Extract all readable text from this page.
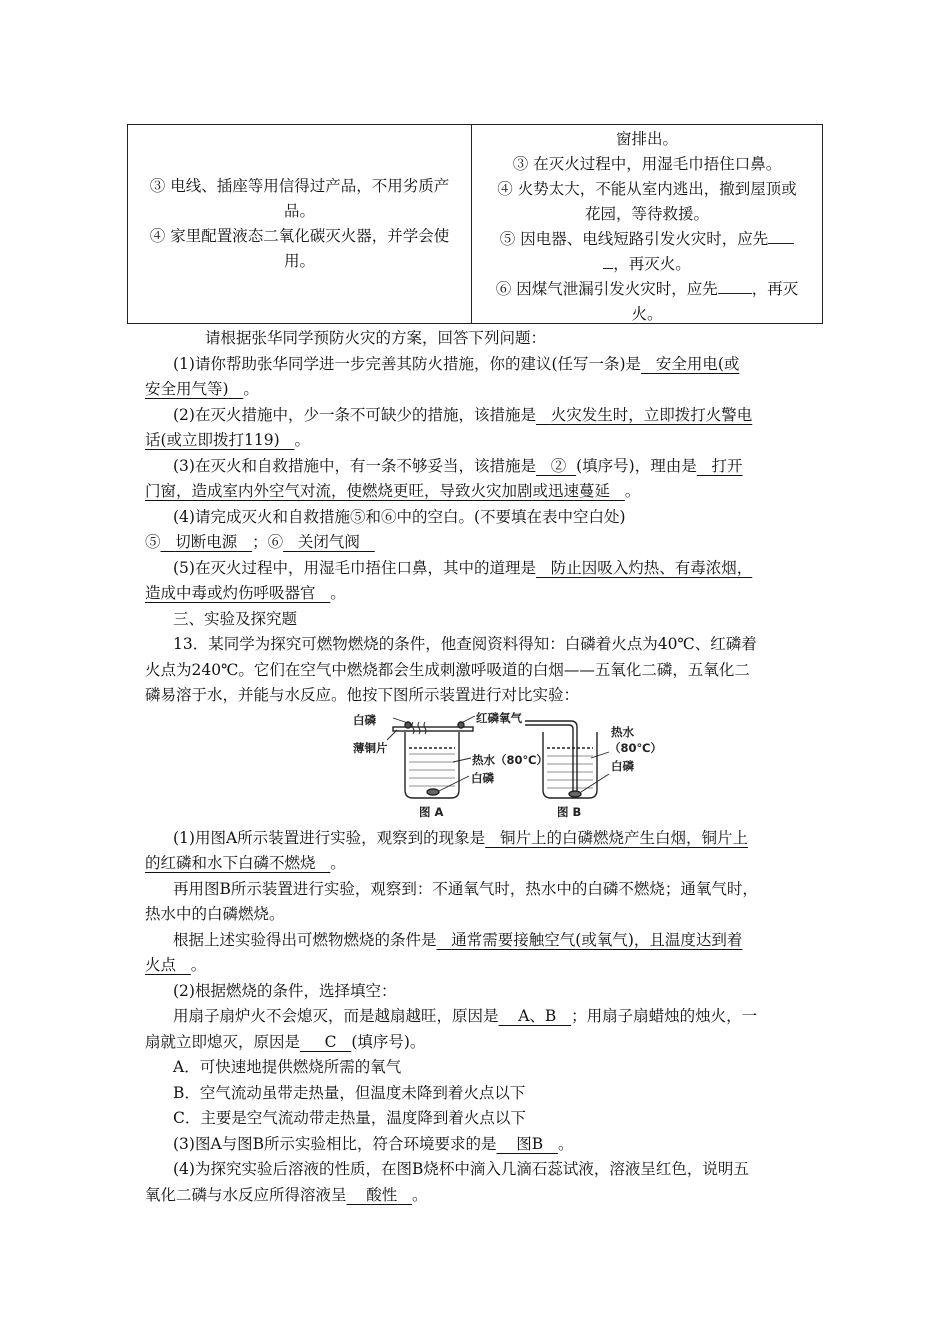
③ 电线、插座等用信得过产品，不用劣质产
品。
④ 家里配置液态二氧化碳灭火器，并学会使
用。
窗排出。
③ 在灭火过程中，用湿毛巾捂住口鼻。
④ 火势太大，不能从室内逃出，撤到屋顶或
花园，等待救援。
⑤ 因电器、电线短路引发火灾时，应先
，再灭火。
⑥ 因煤气泄漏引发火灾时，应先 ，再灭
火。

请根据张华同学预防火灾的方案，回答下列问题：

(1)请你帮助张华同学进一步完善其防火措施，你的建议(任写一条)是 安全用电(或

安全用气等) 。

(2)在灭火措施中，少一条不可缺少的措施，该措施是 火灾发生时，立即拨打火警电

话(或立即拨打119) 。

(3)在灭火和自救措施中，有一条不够妥当，该措施是 ② (填序号)，理由是 打开

门窗，造成室内外空气对流，使燃烧更旺，导致火灾加剧或迅速蔓延 。

(4)请完成灭火和自救措施⑤和⑥中的空白。(不要填在表中空白处)

⑤ 切断电源 ；⑥ 关闭气阀

(5)在灭火过程中，用湿毛巾捂住口鼻，其中的道理是 防止因吸入灼热、有毒浓烟，

造成中毒或灼伤呼吸器官 。

三、实验及探究题

13．某同学为探究可燃物燃烧的条件，他查阅资料得知：白磷着火点为40℃、红磷着

火点为240℃。它们在空气中燃烧都会生成刺激呼吸道的白烟——五氧化二磷，五氧化二

磷易溶于水，并能与水反应。他按下图所示装置进行对比实验：

白磷	红磷
薄铜片
热水（80℃）
白磷
图 A
氧气
热水
（80℃）
白磷
图 B

(1)用图A所示装置进行实验，观察到的现象是 铜片上的白磷燃烧产生白烟，铜片上

的红磷和水下白磷不燃烧 。

再用图B所示装置进行实验，观察到：不通氧气时，热水中的白磷不燃烧；通氧气时，

热水中的白磷燃烧。

根据上述实验得出可燃物燃烧的条件是 通常需要接触空气(或氧气)，且温度达到着

火点 。

(2)根据燃烧的条件，选择填空：

用扇子扇炉火不会熄灭，而是越扇越旺，原因是 A、B ；用扇子扇蜡烛的烛火，一

扇就立即熄灭，原因是 C (填序号)。

A．可快速地提供燃烧所需的氧气

B．空气流动虽带走热量，但温度未降到着火点以下

C．主要是空气流动带走热量，温度降到着火点以下

(3)图A与图B所示实验相比，符合环境要求的是 图B 。

(4)为探究实验后溶液的性质，在图B烧杯中滴入几滴石蕊试液，溶液呈红色，说明五

氧化二磷与水反应所得溶液呈 酸性 。
